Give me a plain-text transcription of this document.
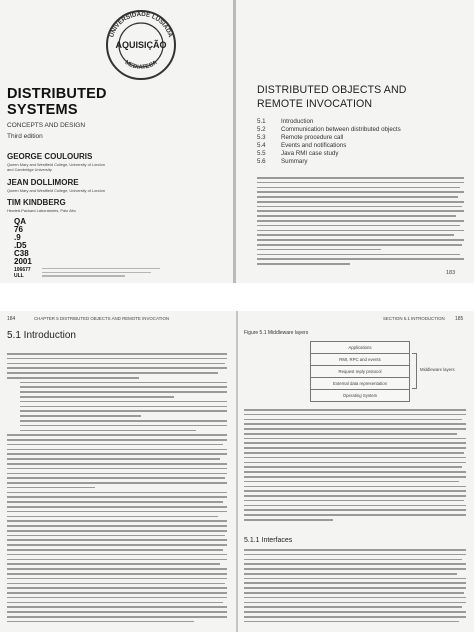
UNIVERSIDADE LUSÍADA
AQUISIÇÃO
MEDIATECA
DISTRIBUTED
SYSTEMS
CONCEPTS AND DESIGN
Third edition
GEORGE COULOURIS
Queen Mary and Westfield College, University of London
and Cambridge University
JEAN DOLLIMORE
Queen Mary and Westfield College, University of London
TIM KINDBERG
Hewlett-Packard Laboratories, Palo Alto
QA
76
.9
.D5
C38
2001
106677
ULL
DISTRIBUTED OBJECTS AND
REMOTE INVOCATION
5.1 Introduction
5.2 Communication between distributed objects
5.3 Remote procedure call
5.4 Events and notifications
5.5 Java RMI case study
5.6 Summary
183
184	CHAPTER 5 DISTRIBUTED OBJECTS AND REMOTE INVOCATION
5.1 Introduction
SECTION 5.1 INTRODUCTION 185
Figure 5.1 Middleware layers
Applications
RMI, RPC and events
Request reply protocol
External data representation
Operating System
Middleware layers
5.1.1 Interfaces
